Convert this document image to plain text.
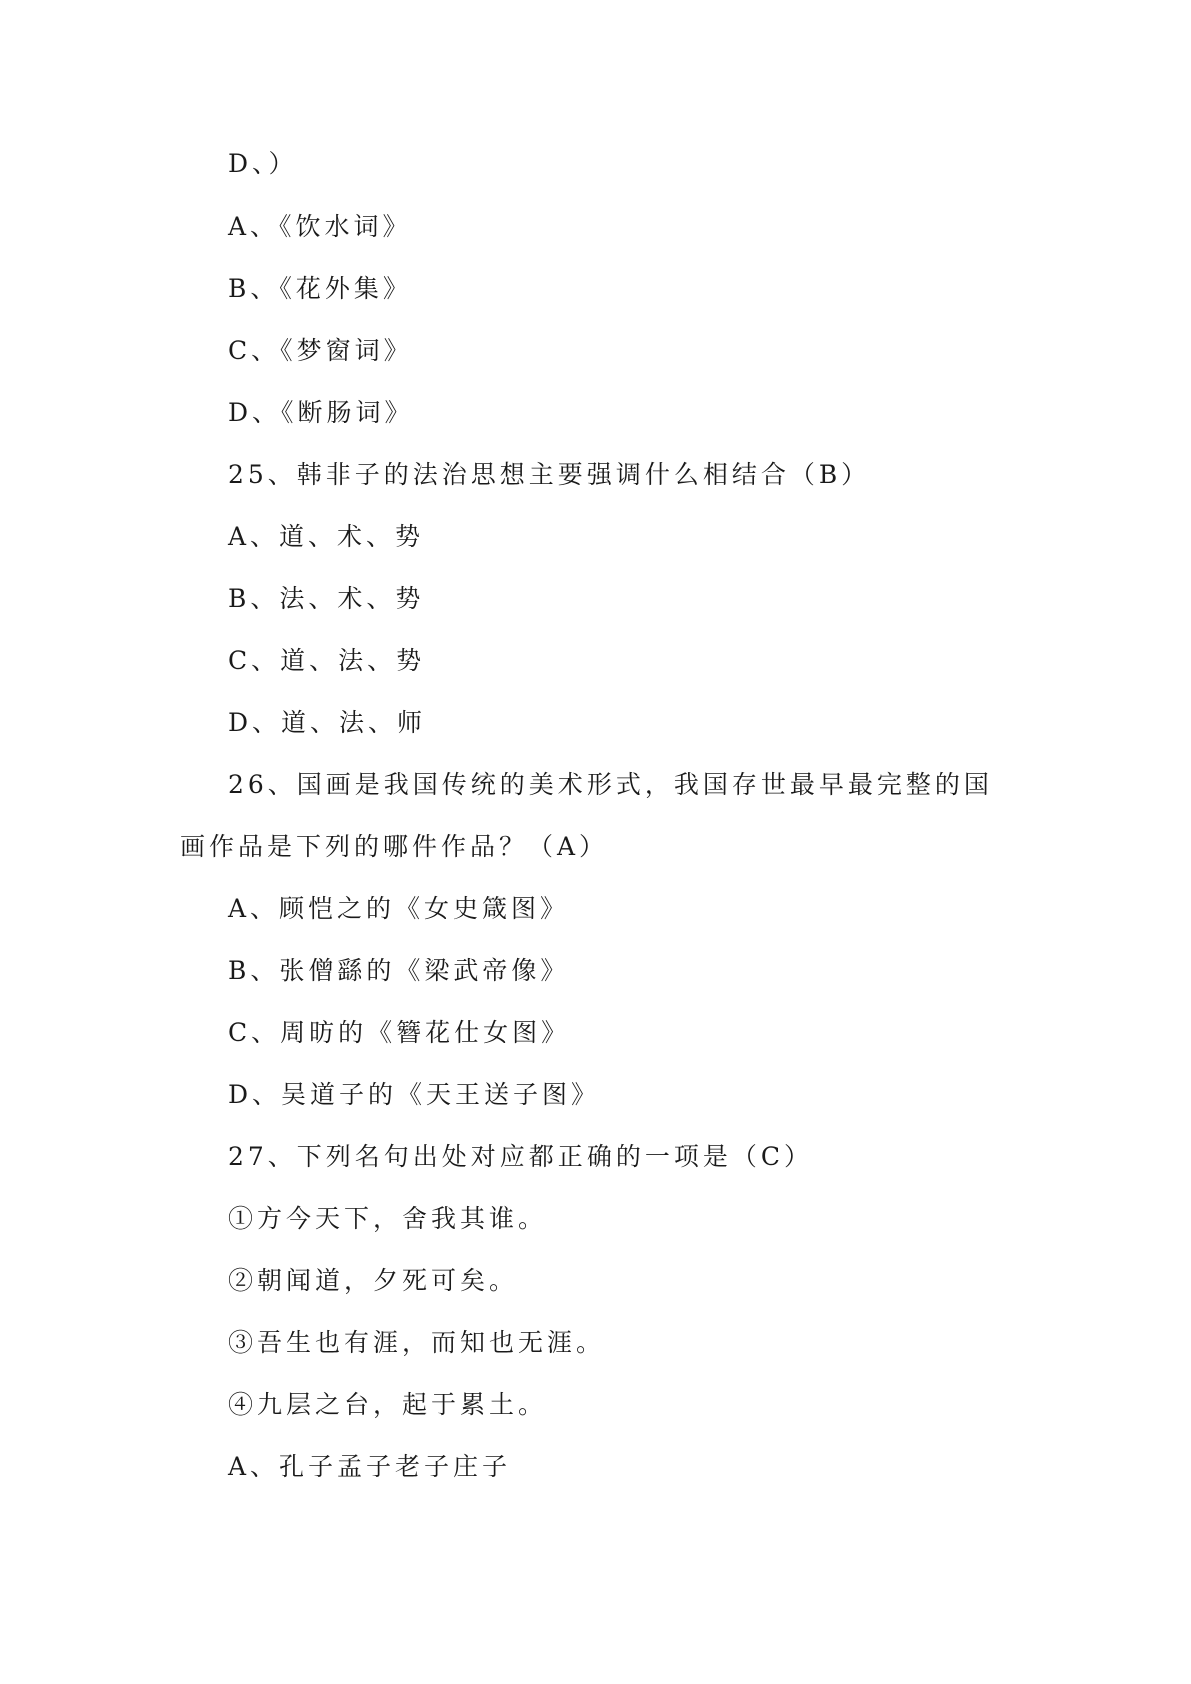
D、）
A、《饮水词》
B、《花外集》
C、《梦窗词》
D、《断肠词》
25、韩非子的法治思想主要强调什么相结合（B）
A、道、术、势
B、法、术、势
C、道、法、势
D、道、法、师
26、国画是我国传统的美术形式，我国存世最早最完整的国
画作品是下列的哪件作品？（A）
A、顾恺之的《女史箴图》
B、张僧繇的《梁武帝像》
C、周昉的《簪花仕女图》
D、吴道子的《天王送子图》
27、下列名句出处对应都正确的一项是（C）
①方今天下，舍我其谁。
②朝闻道，夕死可矣。
③吾生也有涯，而知也无涯。
④九层之台，起于累土。
A、孔子孟子老子庄子
